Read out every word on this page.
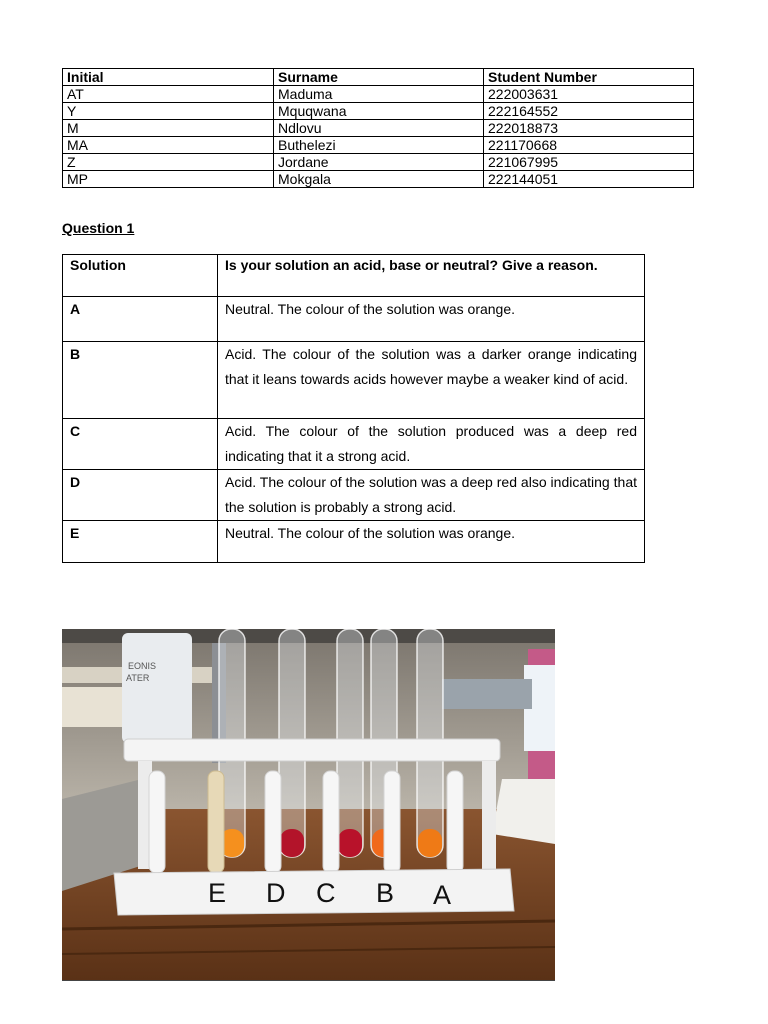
Initial	Surname	Student Number
AT	Maduma	222003631
Y	Mquqwana	222164552
M	Ndlovu	222018873
MA	Buthelezi	221170668
Z	Jordane	221067995
MP	Mokgala	222144051

Question 1

Solution	Is your solution an acid, base or neutral? Give a reason.
A	Neutral. The colour of the solution was orange.
B	Acid. The colour of the solution was a darker orange indicating that it leans towards acids however maybe a weaker kind of acid.
C	Acid. The colour of the solution produced was a deep red indicating that it a strong acid.
D	Acid. The colour of the solution was a deep red also indicating that the solution is probably a strong acid.
E	Neutral. The colour of the solution was orange.
EONIS
ATER
E D C B A
